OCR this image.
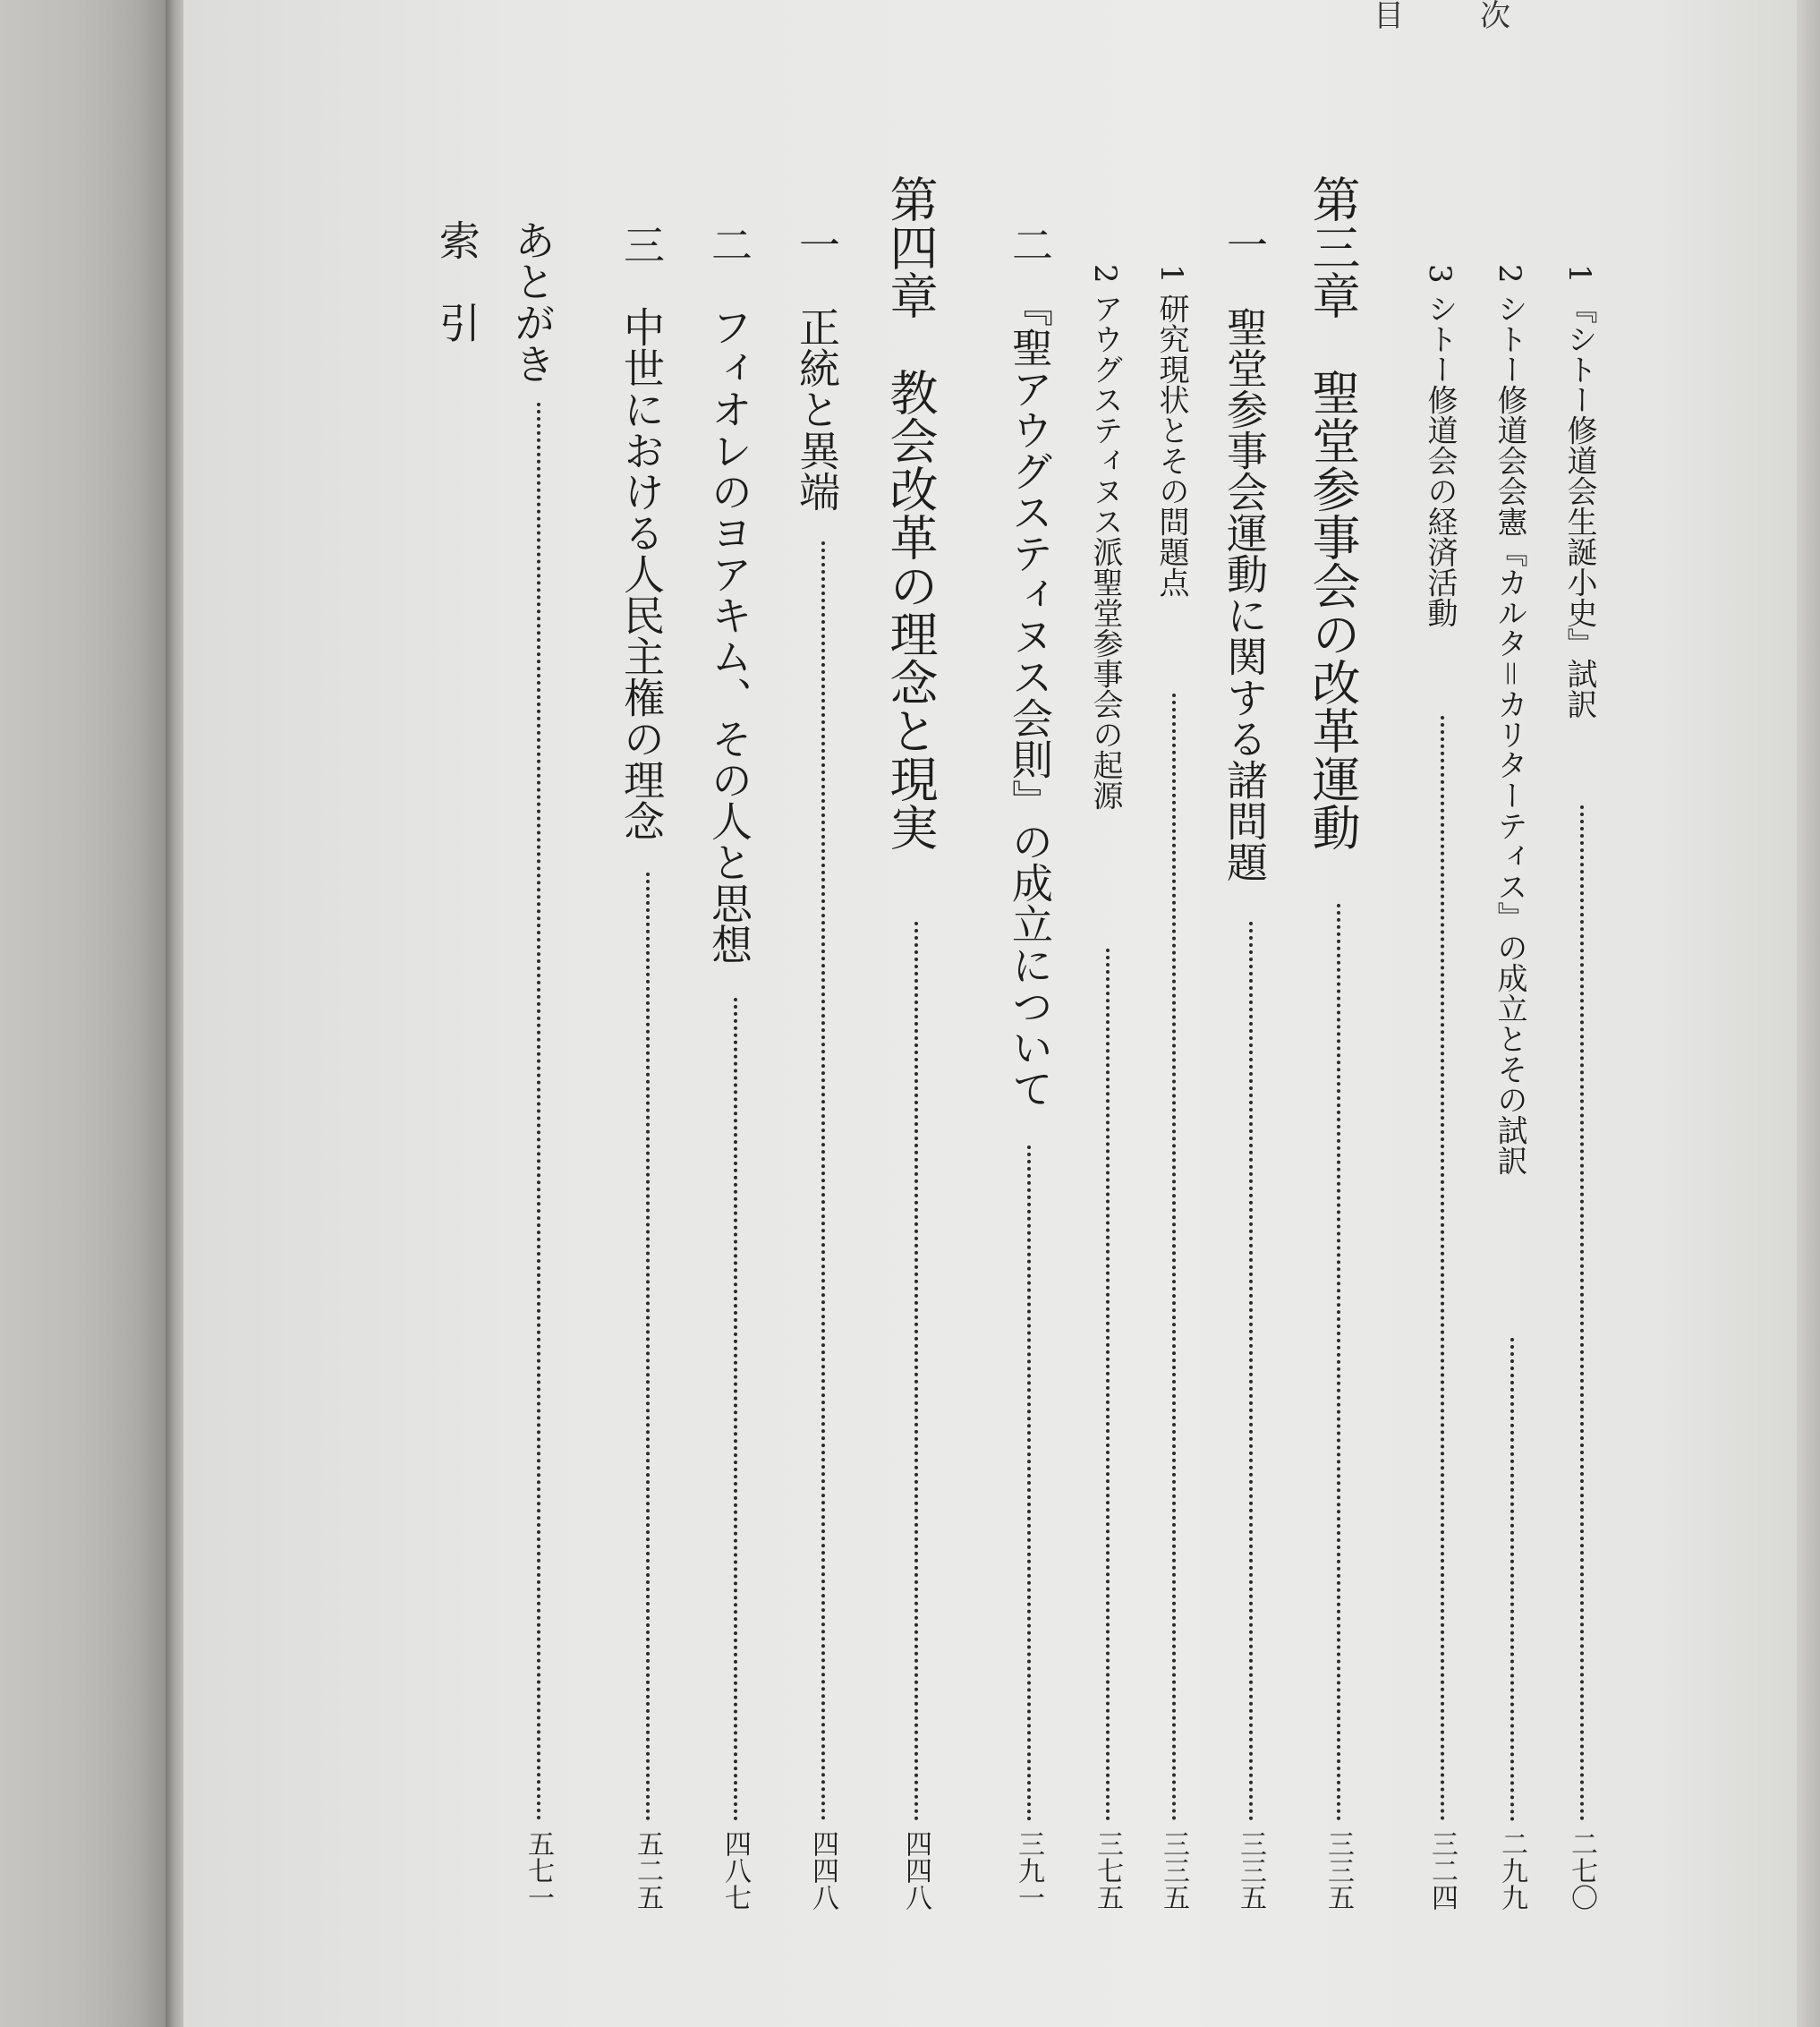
目次
1 『シトー修道会生誕小史』試訳
二七〇
2 シトー修道会会憲『カルタ＝カリターティス』の成立とその試訳
二九九
3 シトー修道会の経済活動
三二四
第三章　聖堂参事会の改革運動
三三五
一　聖堂参事会運動に関する諸問題
三三五
1 研究現状とその問題点
三三五
2 アウグスティヌス派聖堂参事会の起源
三七五
二　『聖アウグスティヌス会則』の成立について
三九一
第四章　教会改革の理念と現実
四四八
一　正統と異端
四四八
二　フィオレのヨアキム、その人と思想
四八七
三　中世における人民主権の理念
五二五
あとがき
五七一
索　引
